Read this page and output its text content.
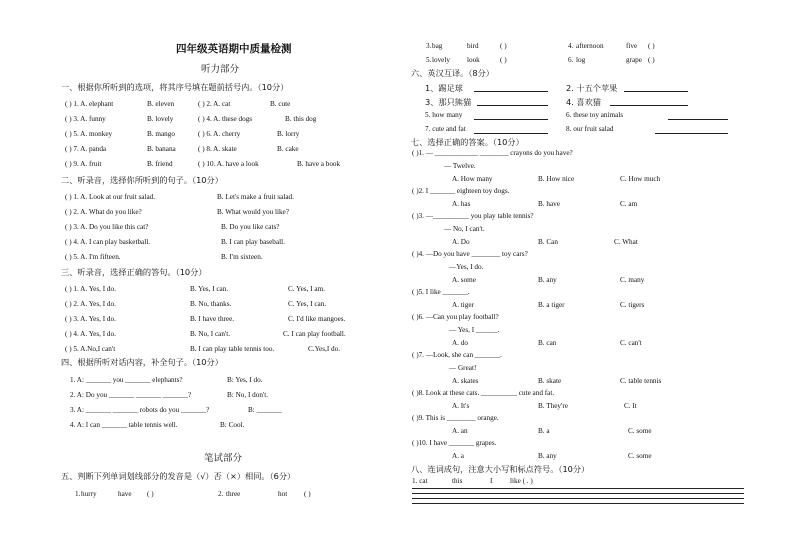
四年级英语期中质量检测
听力部分
一、根据你所听到的选项，将其序号填在题前括号内。（10分）
( ) 1. A. elephant	B. eleven	( ) 2. A. cat	B. cute
( ) 3. A. funny	B. lovely	( ) 4. A. these dogs	B. this dog
( ) 5. A. monkey	B. mango	( ) 6. A. cherry	B. lorry
( ) 7. A. panda	B. banana	( ) 8. A. skate	B. cake
( ) 9. A. fruit	B. friend	( ) 10. A. have a look	B. have a book
二、听录音，选择你所听到的句子。（10分）
( ) 1. A. Look at our fruit salad.	B. Let's make a fruit salad.
( ) 2. A. What do you like?	B. What would you like?
( ) 3. A. Do you like this cat?	B. Do you like cats?
( ) 4. A. I can play basketball.	B. I can play baseball.
( ) 5. A. I'm fifteen.	B. I'm sixteen.
三、听录音，选择正确的答句。（10分）
( ) 1. A. Yes, I do.	B. Yes, I can.	C. Yes, I am.
( ) 2. A. Yes, I do.	B. No, thanks.	C. Yes, I can.
( ) 3. A. Yes, I do.	B. I have three.	C. I'd like mangoes.
( ) 4. A. Yes, I do.	B. No, I can't.	C. I can play football.
( ) 5. A.No,I can't	B. I can play table tennis too.	C.Yes,I do.
四、根据所听对话内容，补全句子。（10分）
1. A: _______ you _______ elephants?	B: Yes, I do.
2. A: Do you _______ _______ _______?	B: No, I don't.
3. A: _______ _______ robots do you _______?	B: _______
4. A: I can _______ table tennis well.	B: Cool.
笔试部分
五、判断下列单词划线部分的发音是（√）否（×）相同。（6分）
1. hurry	have ( )	2. three	hot ( )
3. bag	bird	( )	4. afternoon	five ( )
5. lovely look	( )	6. log	grape ( )
六、英汉互译。（8分）
1、踢足球	2. 十五个苹果
3、那只熊猫	4. 喜欢猫
5. how many	6. these toy animals
7. cute and fat	8. our fruit salad
七、选择正确的答案。（10分）
( )1. — ____________ ________ crayons do you have?
— Twelve.
A. How many	B. How nice	C. How much
( )2. I _______ eighteen toy dogs.
A. has	B. have	C. am
( )3. —__________ you play table tennis?
— No, I can't.
A. Do	B. Can	C. What
( )4. —Do you have ________ toy cars?
—Yes, I do.
A. some	B. any	C. many
( )5. I like _______.
A. tiger	B. a tiger	C. tigers
( )6. —Can you play football?
— Yes, I ______.
A. do	B. can	C. can't
( )7. —Look, she can _______.
— Great!
A. skates	B. skate	C. table tennis
( )8. Look at these cats. __________ cute and fat.
A. It's	B. They're	C. It
( )9. This is ________ orange.
A. an	B. a	C. some
( )10. I have _______ grapes.
A. a	B. any	C. some
八、连词成句，注意大小写和标点符号。（10分）
1. cat	this	I like ( . )
